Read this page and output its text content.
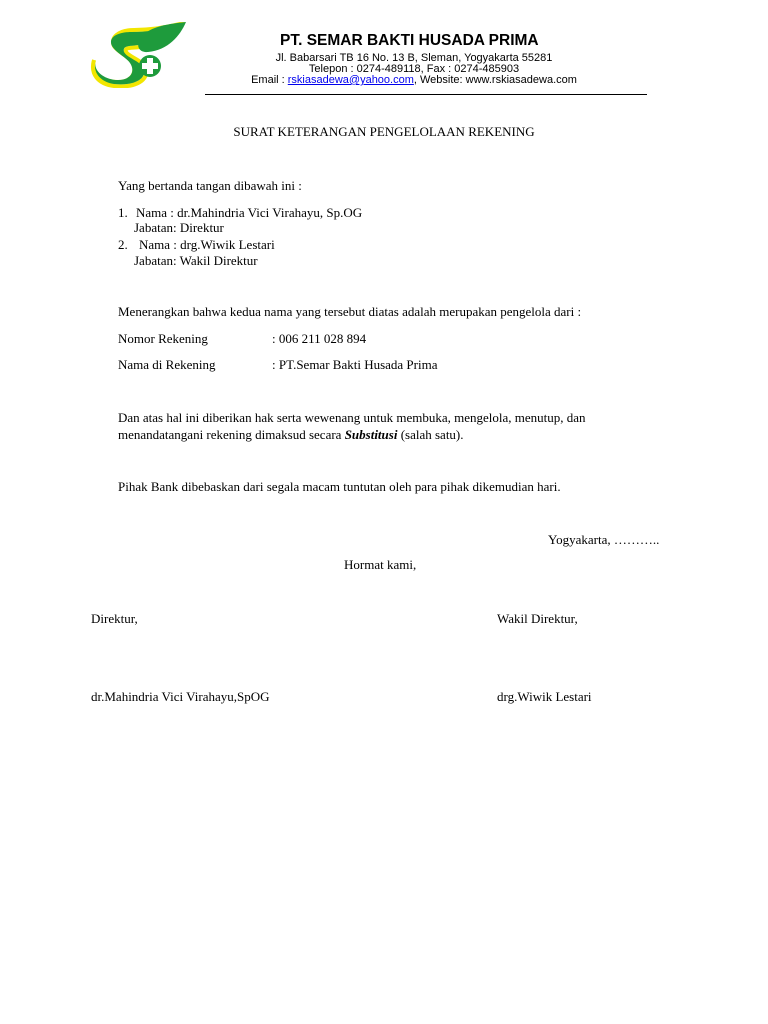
PT. SEMAR BAKTI HUSADA PRIMA
Jl. Babarsari TB 16 No. 13 B, Sleman, Yogyakarta 55281
Telepon : 0274-489118, Fax : 0274-485903
Email : rskiasadewa@yahoo.com, Website: www.rskiasadewa.com
SURAT KETERANGAN PENGELOLAAN REKENING
Yang bertanda tangan dibawah ini :
1. Nama : dr.Mahindria Vici Virahayu, Sp.OG
Jabatan: Direktur
2. Nama : drg.Wiwik Lestari
Jabatan: Wakil Direktur
Menerangkan bahwa kedua nama yang tersebut diatas adalah merupakan pengelola dari :
Nomor Rekening	: 006 211 028 894
Nama di Rekening	: PT.Semar Bakti Husada Prima
Dan atas hal ini diberikan hak serta wewenang untuk membuka, mengelola, menutup, dan
menandatangani rekening dimaksud secara Substitusi (salah satu).
Pihak Bank dibebaskan dari segala macam tuntutan oleh para pihak dikemudian hari.
Yogyakarta, ………..
Hormat kami,
Direktur,	Wakil Direktur,
dr.Mahindria Vici Virahayu,SpOG	drg.Wiwik Lestari
